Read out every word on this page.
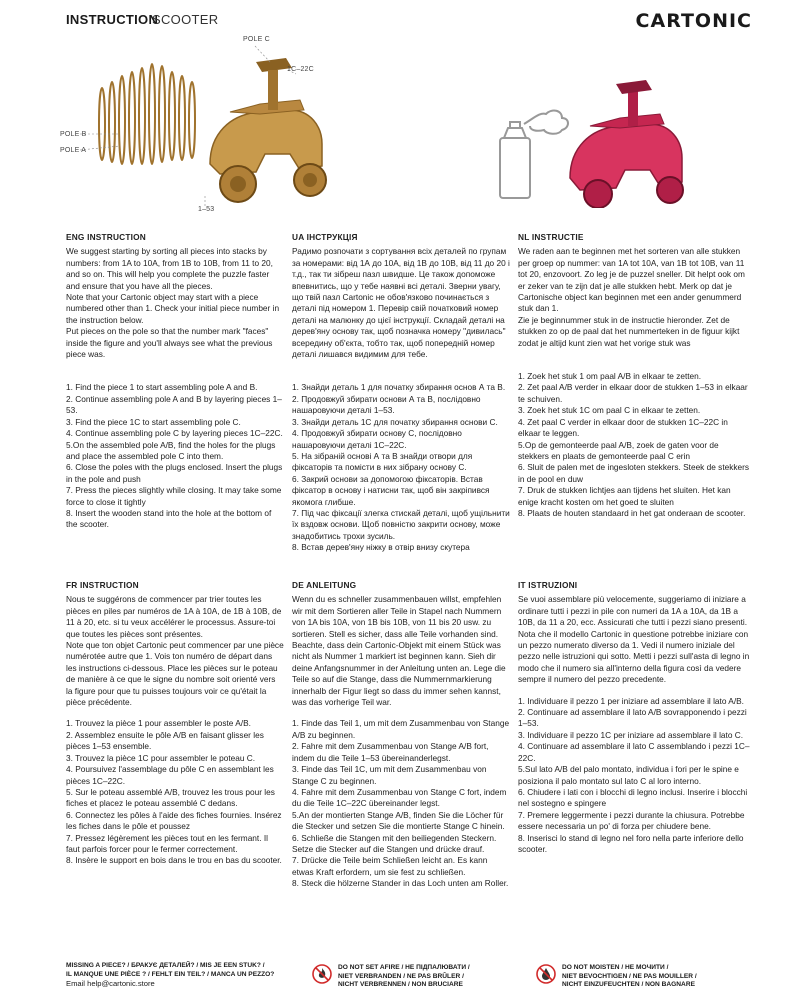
INSTRUCTION
SCOOTER	CARTONIC
POLE C
1C–22C
POLE B
POLE A
1–53
ENG INSTRUCTION

We suggest starting by sorting all pieces into stacks by numbers: from 1A to 10A, from 1B to 10B, from 11 to 20, and so on. This will help you complete the puzzle faster and ensure that you have all the pieces.
Note that your Cartonic object may start with a piece numbered other than 1. Check your initial piece number in the instruction below.
Put pieces on the pole so that the number mark "faces" inside the figure and you'll always see what the previous piece was.

1. Find the piece 1 to start assembling pole A and B.
2. Continue assembling pole A and B by layering pieces 1–53.
3. Find the piece 1C to start assembling pole C.
4. Continue assembling pole C by layering pieces 1C–22C.
5.On the assembled pole A/B, find the holes for the plugs and place the assembled pole C into them.
6. Close the poles with the plugs enclosed. Insert the plugs in the pole and push
7. Press the pieces slightly while closing. It may take some force to close it tightly
8. Insert the wooden stand into the hole at the bottom of the scooter.
UA ІНСТРУКЦІЯ

Радимо розпочати з сортування всіх деталей по групам за номерами: від 1А до 10А, від 1В до 10В, від 11 до 20 і т.д., так ти зібреш пазл швидше. Це також допоможе впевнитись, що у тебе наявні всі деталі. Зверни увагу, що твій пазл Cartonic не обов'язково починається з деталі під номером 1. Перевір свій початковий номер деталі на малюнку до цієї інструкції. Складай деталі на дерев'яну основу так, щоб позначка номеру "дивилась" всередину об'єкта, тобто так, щоб попередній номер деталі лишався видимим для тебе.

1. Знайди деталь 1 для початку збирання основ А та В.
2. Продовжуй збирати основи А та В, послідовно нашаровуючи деталі 1–53.
3. Знайди деталь 1С для початку збирання основи С.
4. Продовжуй збирати основу С, послідовно нашаровуючи деталі 1С–22С.
5. На зібраній основі А та В знайди отвори для фіксаторів та помісти в них зібрану основу С.
6. Закрий основи за допомогою фіксаторів. Встав фіксатор в основу і натисни так, щоб він закріпився якомога глибше.
7. Під час фіксації злегка стискай деталі, щоб ущільнити їх вздовж основи. Щоб повністю закрити основу, може знадобитись трохи зусиль.
8. Встав дерев'яну ніжку в отвір внизу скутера
NL INSTRUCTIE

We raden aan te beginnen met het sorteren van alle stukken per groep op nummer: van 1A tot 10A, van 1B tot 10B, van 11 tot 20, enzovoort. Zo leg je de puzzel sneller. Dit helpt ook om er zeker van te zijn dat je alle stukken hebt. Merk op dat je Cartonische object kan beginnen met een ander genummerd stuk dan 1.
Zie je beginnummer stuk in de instructie hieronder. Zet de stukken zo op de paal dat het nummerteken in de figuur kijkt zodat je altijd kunt zien wat het vorige stuk was

1. Zoek het stuk 1 om paal A/B in elkaar te zetten.
2. Zet paal A/B verder in elkaar door de stukken 1–53 in elkaar te schuiven.
3. Zoek het stuk 1C om paal C in elkaar te zetten.
4. Zet paal C verder in elkaar door de stukken 1C–22C in elkaar te leggen.
5.Op de gemonteerde paal A/B, zoek de gaten voor de stekkers en plaats de gemonteerde paal C erin
6. Sluit de palen met de ingesloten stekkers. Steek de stekkers in de pool en duw
7. Druk de stukken lichtjes aan tijdens het sluiten. Het kan enige kracht kosten om het goed te sluiten
8. Plaats de houten standaard in het gat onderaan de scooter.
FR INSTRUCTION

Nous te suggérons de commencer par trier toutes les pièces en piles par numéros de 1A à 10A, de 1B à 10B, de 11 à 20, etc. si tu veux accélérer le processus. Assure-toi que toutes les pièces sont présentes.
Note que ton objet Cartonic peut commencer par une pièce numérotée autre que 1. Vois ton numéro de départ dans les instructions ci-dessous. Place les pièces sur le poteau de manière à ce que le signe du nombre soit orienté vers la figure pour que tu puisses toujours voir ce qu'était la pièce précédente.

1. Trouvez la pièce 1 pour assembler le poste A/B.
2. Assemblez ensuite le pôle A/B en faisant glisser les pièces 1–53 ensemble.
3. Trouvez la pièce 1C pour assembler le poteau C.
4. Poursuivez l'assemblage du pôle C en assemblant les pièces 1C–22C.
5. Sur le poteau assemblé A/B, trouvez les trous pour les fiches et placez le poteau assemblé C dedans.
6. Connectez les pôles à l'aide des fiches fournies. Insérez les fiches dans le pôle et poussez
7. Pressez légèrement les pièces tout en les fermant. Il faut parfois forcer pour le fermer correctement.
8. Insère le support en bois dans le trou en bas du scooter.
DE ANLEITUNG

Wenn du es schneller zusammenbauen willst, empfehlen wir mit dem Sortieren aller Teile in Stapel nach Nummern von 1A bis 10A, von 1B bis 10B, von 11 bis 20 usw. zu sortieren. Stell es sicher, dass alle Teile vorhanden sind. Beachte, dass dein Cartonic-Objekt mit einem Stück was nicht als Nummer 1 markiert ist beginnen kann. Sieh dir deine Anfangsnummer in der Anleitung unten an. Lege die Teile so auf die Stange, dass die Nummernmarkierung innerhalb der Figur liegt so dass du immer sehen kannst, was das vorherige Teil war.

1. Finde das Teil 1, um mit dem Zusammenbau von Stange A/B zu beginnen.
2. Fahre mit dem Zusammenbau von Stange A/B fort, indem du die Teile 1–53 übereinanderlegst.
3. Finde das Teil 1C, um mit dem Zusammenbau von Stange C zu beginnen.
4. Fahre mit dem Zusammenbau von Stange C fort, indem du die Teile 1C–22C übereinander legst.
5.An der montierten Stange A/B, finden Sie die Löcher für die Stecker und setzen Sie die montierte Stange C hinein.
6. Schließe die Stangen mit den beiliegenden Steckern. Setze die Stecker auf die Stangen und drücke drauf.
7. Drücke die Teile beim Schließen leicht an. Es kann etwas Kraft erfordern, um sie fest zu schließen.
8. Steck die hölzerne Stander in das Loch unten am Roller.
IT ISTRUZIONI

Se vuoi assemblare più velocemente, suggeriamo di iniziare a ordinare tutti i pezzi in pile con numeri da 1A a 10A, da 1B a 10B, da 11 a 20, ecc. Assicurati che tutti i pezzi siano presenti. Nota che il modello Cartonic in questione potrebbe iniziare con un pezzo numerato diverso da 1. Vedi il numero iniziale del pezzo nelle istruzioni qui sotto. Metti i pezzi sull'asta di legno in modo che il numero sia all'interno della figura così da vedere sempre il numero del pezzo precedente.

1. Individuare il pezzo 1 per iniziare ad assemblare il lato A/B.
2. Continuare ad assemblare il lato A/B sovrapponendo i pezzi 1–53.
3. Individuare il pezzo 1C per iniziare ad assemblare il lato C.
4. Continuare ad assemblare il lato C assemblando i pezzi 1C–22C.
5.Sul lato A/B del palo montato, individua i fori per le spine e posiziona il palo montato sul lato C al loro interno.
6. Chiudere i lati con i blocchi di legno inclusi. Inserire i blocchi nel sostegno e spingere
7. Premere leggermente i pezzi durante la chiusura. Potrebbe essere necessaria un po' di forza per chiudere bene.
8. Inserisci lo stand di legno nel foro nella parte inferiore dello scooter.
MISSING A PIECE? / БРАКУЄ ДЕТАЛЕЙ? / MIS JE EEN STUK? /
IL MANQUE UNE PIÈCE ? / FEHLT EIN TEIL? / MANCA UN PEZZO?
Email help@cartonic.store
DO NOT SET AFIRE / НЕ ПІДПАЛЮВАТИ /
NIET VERBRANDEN / NE PAS BRÛLER /
NICHT VERBRENNEN / NON BRUCIARE
DO NOT MOISTEN / НЕ МОЧИТИ /
NIET BEVOCHTIGEN / NE PAS MOUILLER /
NICHT EINZUFEUCHTEN / NON BAGNARE
